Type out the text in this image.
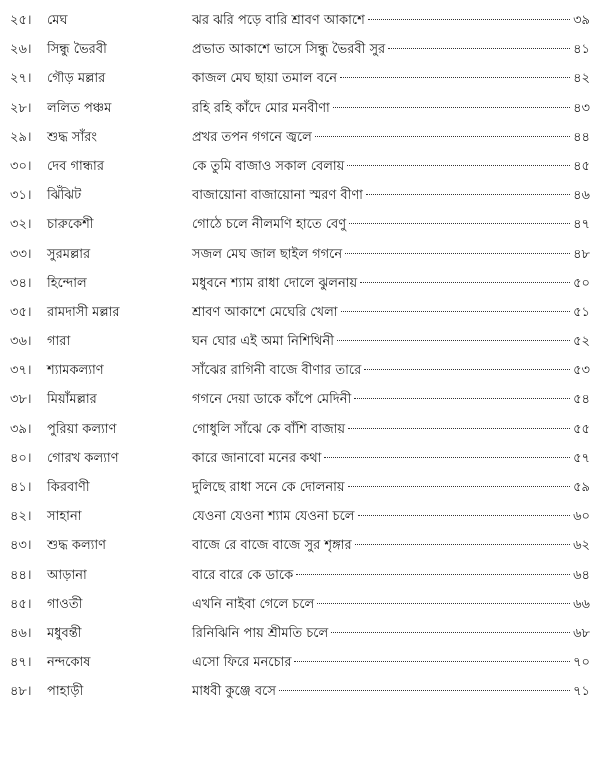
২৫।	মেঘ	ঝর ঝরি পড়ে বারি শ্রাবণ আকাশে	৩৯
২৬।	সিন্ধু ভৈরবী	প্রভাত আকাশে ভাসে সিন্ধু ভৈরবী সুর	৪১
২৭।	গৌড় মল্লার	কাজল মেঘ ছায়া তমাল বনে	৪২
২৮।	ললিত পঞ্চম	রহি রহি কাঁদে মোর মনবীণা	৪৩
২৯।	শুদ্ধ সাঁরং	প্রখর তপন গগনে জ্বলে	৪৪
৩০।	দেব গান্ধার	কে তুমি বাজাও সকাল বেলায়	৪৫
৩১।	ঝিঁঝিট	বাজায়োনা বাজায়োনা স্মরণ বীণা	৪৬
৩২।	চারুকেশী	গোঠে চলে নীলমণি হাতে বেণু	৪৭
৩৩।	সুরমল্লার	সজল মেঘ জাল ছাইল গগনে	৪৮
৩৪।	হিন্দোল	মধুবনে শ্যাম রাধা দোলে ঝুলনায়	৫০
৩৫।	রামদাসী মল্লার	শ্রাবণ আকাশে মেঘেরি খেলা	৫১
৩৬।	গারা	ঘন ঘোর এই অমা নিশিথিনী	৫২
৩৭।	শ্যামকল্যাণ	সাঁঝের রাগিনী বাজে বীণার তারে	৫৩
৩৮।	মিয়াঁমল্লার	গগনে দেয়া ডাকে কাঁপে মেদিনী	৫৪
৩৯।	পুরিয়া কল্যাণ	গোধুলি সাঁঝে কে বাঁশি বাজায়	৫৫
৪০।	গোরখ কল্যাণ	কারে জানাবো মনের কথা	৫৭
৪১।	কিরবাণী	দুলিছে রাধা সনে কে দোলনায়	৫৯
৪২।	সাহানা	যেওনা যেওনা শ্যাম যেওনা চলে	৬০
৪৩।	শুদ্ধ কল্যাণ	বাজে রে বাজে বাজে সুর শৃঙ্গার	৬২
৪৪।	আড়ানা	বারে বারে কে ডাকে	৬৪
৪৫।	গাওতী	এখনি নাইবা গেলে চলে	৬৬
৪৬।	মধুবন্তী	রিনিঝিনি পায় শ্রীমতি চলে	৬৮
৪৭।	নন্দকোষ	এসো ফিরে মনচোর	৭০
৪৮।	পাহাড়ী	মাধবী কুঞ্জে বসে	৭১
